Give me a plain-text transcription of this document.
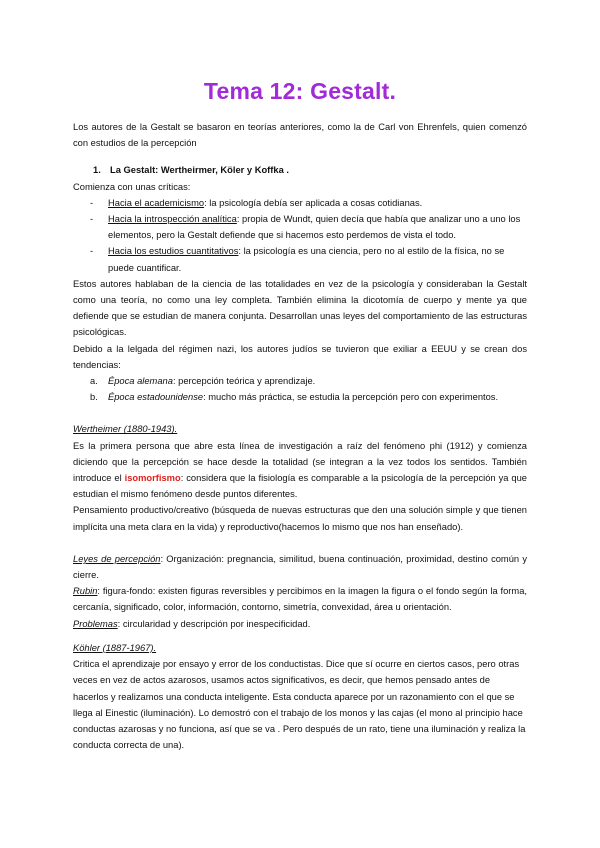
Tema 12: Gestalt.

Los autores de la Gestalt se basaron en teorías anteriores, como la de Carl von Ehrenfels, quien comenzó con estudios de la percepción

1. La Gestalt: Wertheirmer, Köler y Koffka .

Comienza con unas críticas:

- Hacia el academicismo: la psicología debía ser aplicada a cosas cotidianas.
- Hacia la introspección analítica: propia de Wundt, quien decía que había que analizar uno a uno los elementos, pero la Gestalt defiende que si hacemos esto perdemos de vista el todo.
- Hacia los estudios cuantitativos: la psicología es una ciencia, pero no al estilo de la física, no se puede cuantificar.

Estos autores hablaban de la ciencia de las totalidades en vez de la psicología y consideraban la Gestalt como una teoría, no como una ley completa. También elimina la dicotomía de cuerpo y mente ya que defiende que se estudian de manera conjunta. Desarrollan unas leyes del comportamiento de las estructuras psicológicas.

Debido a la lelgada del régimen nazi, los autores judíos se tuvieron que exiliar a EEUU y se crean dos tendencias:

a. Época alemana: percepción teórica y aprendizaje.
b. Época estadounidense: mucho más práctica, se estudia la percepción pero con experimentos.

Wertheimer (1880-1943).

Es la primera persona que abre esta línea de investigación a raíz del fenómeno phi (1912) y comienza diciendo que la percepción se hace desde la totalidad (se integran a la vez todos los sentidos. También introduce el isomorfismo: considera que la fisiología es comparable a la psicología de la percepción ya que estudian el mismo fenómeno desde puntos diferentes.

Pensamiento productivo/creativo (búsqueda de nuevas estructuras que den una solución simple y que tienen implícita una meta clara en la vida) y reproductivo(hacemos lo mismo que nos han enseñado).

Leyes de percepción: Organización: pregnancia, similitud, buena continuación, proximidad, destino común y cierre.

Rubin: figura-fondo: existen figuras reversibles y percibimos en la imagen la figura o el fondo según la forma, cercanía, significado, color, información, contorno, simetría, convexidad, área u orientación.

Problemas: circularidad y descripción por inespecificidad.

Köhler (1887-1967).

Critica el aprendizaje por ensayo y error de los conductistas. Dice que sí ocurre en ciertos casos, pero otras veces en vez de actos azarosos, usamos actos significativos, es decir, que hemos pensado antes de hacerlos y realizamos una conducta inteligente. Esta conducta aparece por un razonamiento con el que se llega al Einestic (iluminación). Lo demostró con el trabajo de los monos y las cajas (el mono al principio hace conductas azarosas y no funciona, así que se va . Pero después de un rato, tiene una iluminación y realiza la conducta correcta de una).
